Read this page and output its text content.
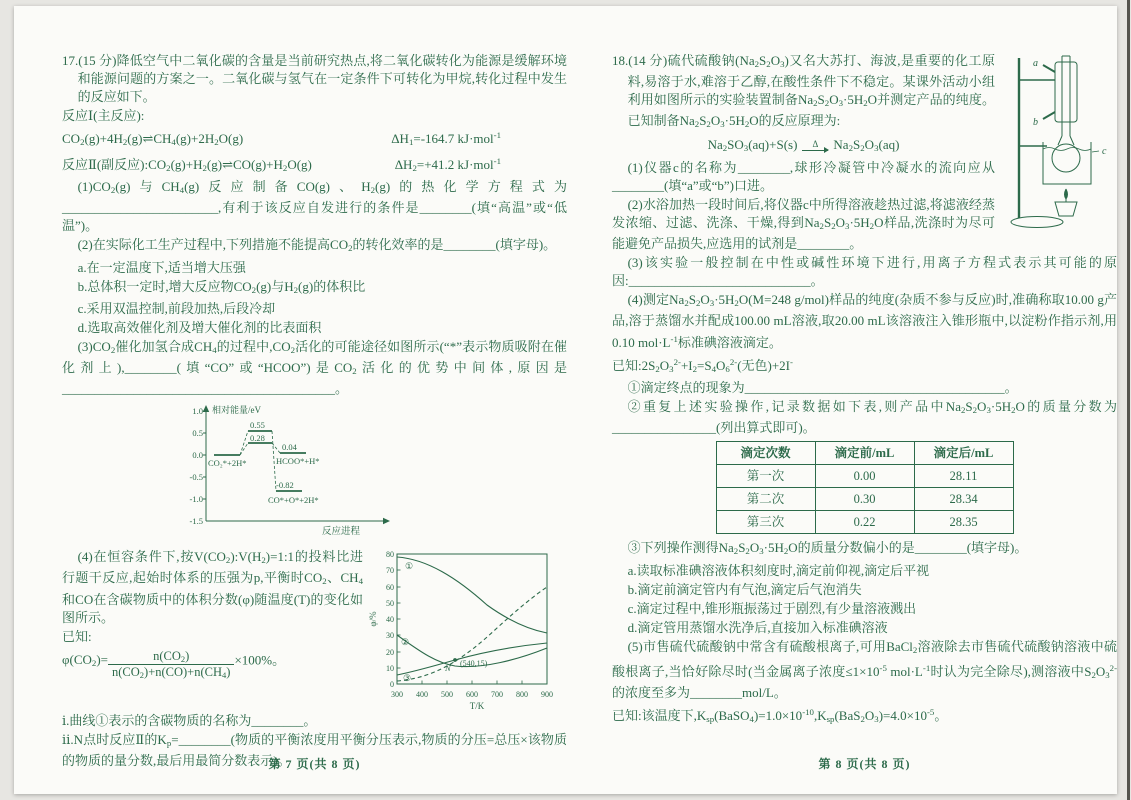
17.(15 分)降低空气中二氧化碳的含量是当前研究热点,将二氧化碳转化为能源是缓解环境和能源问题的方案之一。二氧化碳与氢气在一定条件下可转化为甲烷,转化过程中发生的反应如下。

反应Ⅰ(主反应):

$CO_2(g)+4H_2(g)\rightleftharpoons CH_4(g)+2H_2O(g)$	$\Delta H_1=-164.7$ kJ·mol$^{-1}$

反应Ⅱ(副反应): $CO_2(g)+H_2(g)\rightleftharpoons CO(g)+H_2O(g)$	$\Delta H_2=+41.2$ kJ·mol$^{-1}$

$(1)CO_2(g)$与$CH_4(g)$反应制备CO(g)、$H_2(g)$的热化学方程式为________________________,有利于该反应自发进行的条件是________(填“高温”或“低温”)。

(2)在实际化工生产过程中,下列措施不能提高$CO_2$的转化效率的是________(填字母)。

a.在一定温度下,适当增大压强

b.总体积一定时,增大反应物$CO_2(g)$与$H_2(g)$的体积比

c.采用双温控制,前段加热,后段冷却

d.选取高效催化剂及增大催化剂的比表面积

$(3)CO_2$催化加氢合成$CH_4$的过程中$,CO_2$活化的可能途径如图所示(“*”表示物质吸附在催化剂上),________(填“CO”或“HCOO”)是$CO_2$活化的优势中间体,原因是__________________________________________。

1.0
0.5
0.0
-0.5
-1.0
-1.5
相对能量/eV
反应进程
0.55
0.28
0.04
CO₂*+2H*	HCOO*+H*
-0.82
CO*+O*+2H*

(4)在恒容条件下,按$V(CO_2):V(H_2)=1:1$的投料比进行题干反应,起始时体系的压强为p,平衡时$CO_2$、$CH_4$和CO在含碳物质中的体积分数(φ)随温度(T)的变化如图所示。

已知:

$\varphi(CO_2)= \frac{n(CO_2)}{n(CO_2)+n(CO)+n(CH_4)} \times 100\%$。

80
70
60
50
40
30
20
10
0
300 400 500 600 700 800 900
φ/%
T/K
①
②
③
N (540,15)

ⅰ.曲线①表示的含碳物质的名称为________。

ⅱ.N点时反应Ⅱ的$K_p=\_\_\_\_\_\_\_\_$(物质的平衡浓度用平衡分压表示,物质的分压=总压×该物质的物质的量分数,最后用最简分数表示)。

a
b
c

18.(14 分)硫代硫酸钠$(Na_2S_2O_3)$又名大苏打、海波,是重要的化工原料,易溶于水,难溶于乙醇,在酸性条件下不稳定。某课外活动小组利用如图所示的实验装置制备$Na_2S_2O_3\cdot 5H_2O$并测定产品的纯度。已知制备$Na_2S_2O_3\cdot 5H_2O$的反应原理为:

$Na_2SO_3(aq)+S(s)$ Δ $Na_2S_2O_3(aq)$

(1)仪器c的名称为________,球形冷凝管中冷凝水的流向应从________(填“a”或“b”)口进。

(2)水浴加热一段时间后,将仪器c中所得溶液趁热过滤,将滤液经蒸发浓缩、过滤、洗涤、干燥,得到$Na_2S_2O_3\cdot 5H_2O$样品,洗涤时为尽可能避免产品损失,应选用的试剂是________。

(3)该实验一般控制在中性或碱性环境下进行,用离子方程式表示其可能的原因:____________________________。

(4)测定$Na_2S_2O_3\cdot 5H_2O(M=248$ g/mol)样品的纯度(杂质不参与反应)时,准确称取10.00 g产品,溶于蒸馏水并配成100.00 mL溶液,取20.00 mL该溶液注入锥形瓶中,以淀粉作指示剂,用0.10 $mol\cdot L^{-1}$标准碘溶液滴定。

已知$:2S_2O_3^{2-}+I_2=S_4O_6^{2-}$(无色)+2I-

①滴定终点的现象为________________________________________。

②重复上述实验操作,记录数据如下表,则产品中$Na_2S_2O_3\cdot 5H_2O$的质量分数为________________(列出算式即可)。

滴定次数	滴定前/mL	滴定后/mL
第一次	0.00	28.11
第二次	0.30	28.34
第三次	0.22	28.35

③下列操作测得$Na_2S_2O_3\cdot 5H_2O$的质量分数偏小的是________(填字母)。

a.读取标准碘溶液体积刻度时,滴定前仰视,滴定后平视

b.滴定前滴定管内有气泡,滴定后气泡消失

c.滴定过程中,锥形瓶振荡过于剧烈,有少量溶液溅出

d.滴定管用蒸馏水洗净后,直接加入标准碘溶液

(5)市售硫代硫酸钠中常含有硫酸根离子,可用BaCl$_2$溶液除去市售硫代硫酸钠溶液中硫酸根离子,当恰好除尽时(当金属离子浓度$\le 1\times 10^{-5}$ $mol\cdot L^{-1}$时认为完全除尽),测溶液中$S_2O_3^{2-}$的浓度至多为________mol/L。

已知:该温度下$,K_{sp}(BaSO_4)=1.0\times 10^{-10},K_{sp}(BaS_2O_3)=4.0\times 10^{-5}$。

第 7 页(共 8 页)	第 8 页(共 8 页)
